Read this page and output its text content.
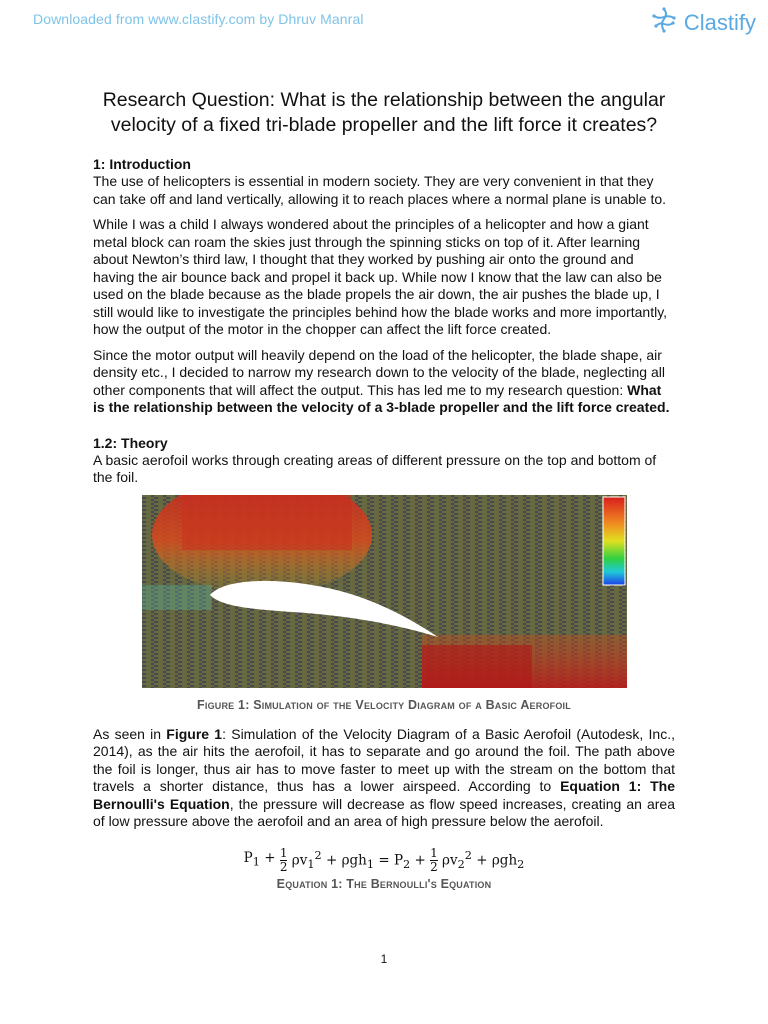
Downloaded from www.clastify.com by Dhruv Manral	Clastify
Research Question: What is the relationship between the angular velocity of a fixed tri-blade propeller and the lift force it creates?
1: Introduction

The use of helicopters is essential in modern society. They are very convenient in that they can take off and land vertically, allowing it to reach places where a normal plane is unable to.

While I was a child I always wondered about the principles of a helicopter and how a giant metal block can roam the skies just through the spinning sticks on top of it. After learning about Newton’s third law, I thought that they worked by pushing air onto the ground and having the air bounce back and propel it back up. While now I know that the law can also be used on the blade because as the blade propels the air down, the air pushes the blade up, I still would like to investigate the principles behind how the blade works and more importantly, how the output of the motor in the chopper can affect the lift force created.

Since the motor output will heavily depend on the load of the helicopter, the blade shape, air density etc., I decided to narrow my research down to the velocity of the blade, neglecting all other components that will affect the output. This has led me to my research question: What is the relationship between the velocity of a 3-blade propeller and the lift force created.

1.2: Theory

A basic aerofoil works through creating areas of different pressure on the top and bottom of the foil.

Figure 1: Simulation of the Velocity Diagram of a Basic Aerofoil

As seen in Figure 1: Simulation of the Velocity Diagram of a Basic Aerofoil (Autodesk, Inc., 2014), as the air hits the aerofoil, it has to separate and go around the foil. The path above the foil is longer, thus air has to move faster to meet up with the stream on the bottom that travels a shorter distance, thus has a lower airspeed. According to Equation 1: The Bernoulli's Equation, the pressure will decrease as flow speed increases, creating an area of low pressure above the aerofoil and an area of high pressure below the aerofoil.

$P_1 + \frac{1}{2} \rho v_1^2 + \rho gh_1 = P_2 + \frac{1}{2} \rho v_2^2 + \rho gh_2$
Equation 1: The Bernoulli's Equation
1
